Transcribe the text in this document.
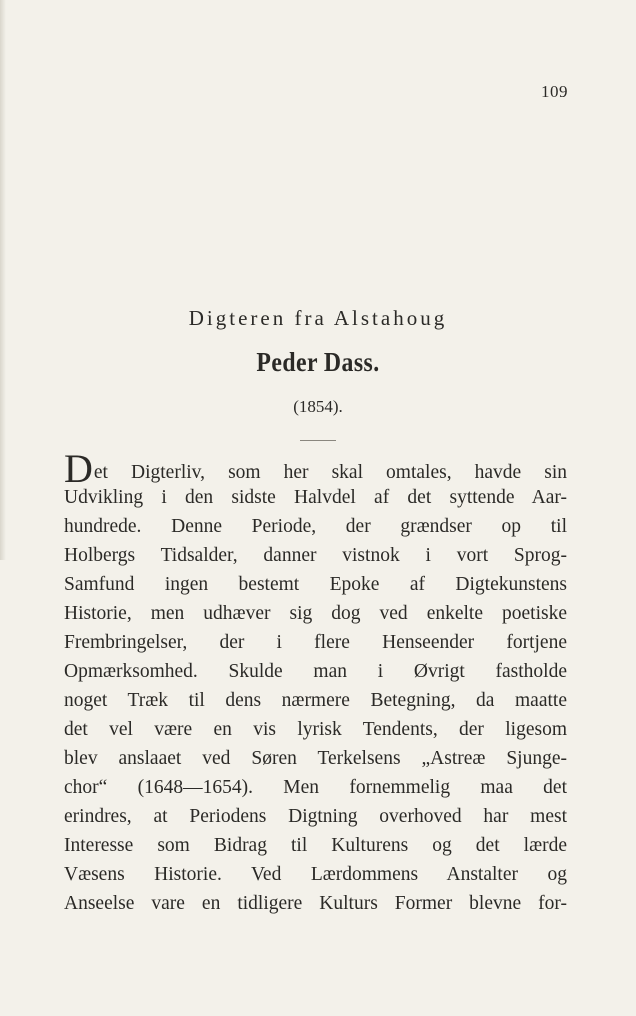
109
Digteren fra Alstahoug
Peder Dass.
(1854).
Det Digterliv, som her skal omtales, havde sin
Udvikling i den sidste Halvdel af det syttende Aar-
hundrede. Denne Periode, der grændser op til
Holbergs Tidsalder, danner vistnok i vort Sprog-
Samfund ingen bestemt Epoke af Digtekunstens
Historie, men udhæver sig dog ved enkelte poetiske
Frembringelser, der i flere Henseender fortjene
Opmærksomhed. Skulde man i Øvrigt fastholde
noget Træk til dens nærmere Betegning, da maatte
det vel være en vis lyrisk Tendents, der ligesom
blev anslaaet ved Søren Terkelsens „Astreæ Sjunge-
chor“ (1648—1654). Men fornemmelig maa det
erindres, at Periodens Digtning overhoved har mest
Interesse som Bidrag til Kulturens og det lærde
Væsens Historie. Ved Lærdommens Anstalter og
Anseelse vare en tidligere Kulturs Former blevne for-
